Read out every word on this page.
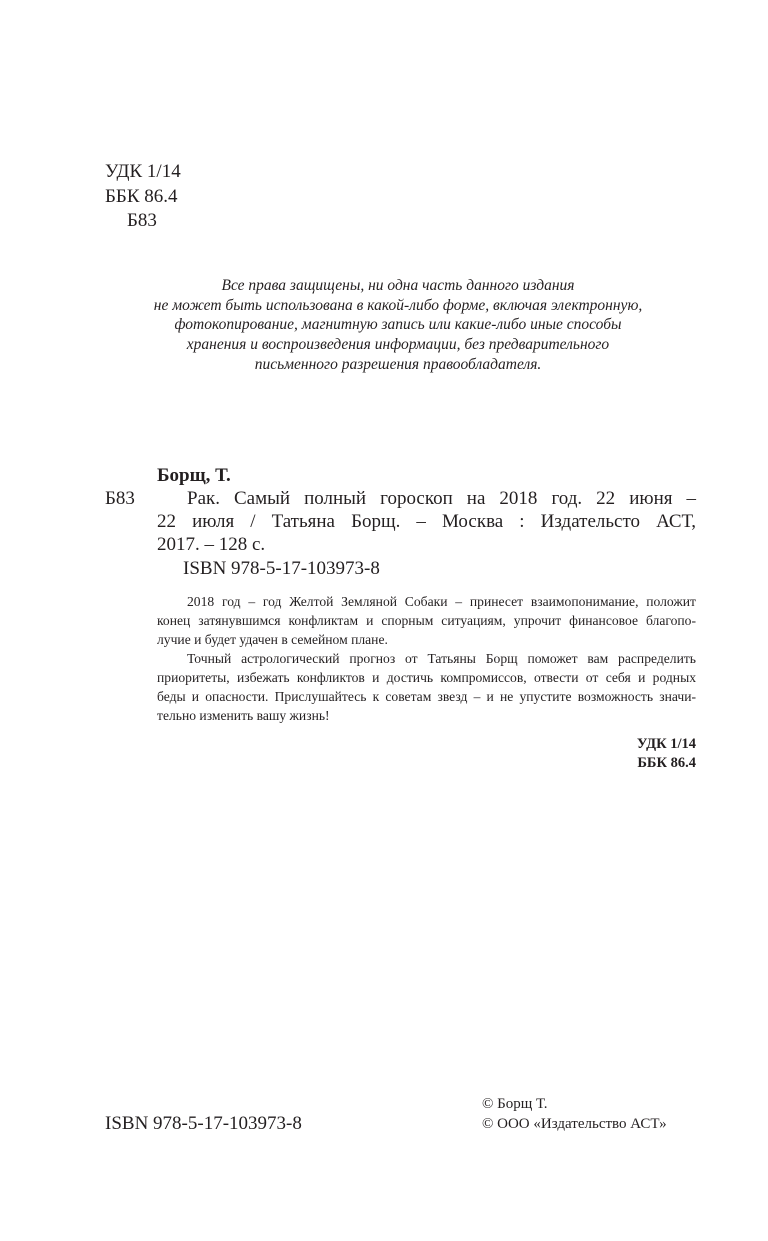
УДК 1/14
ББК 86.4
Б83
Все права защищены, ни одна часть данного издания
не может быть использована в какой-либо форме, включая электронную,
фотокопирование, магнитную запись или какие-либо иные способы
хранения и воспроизведения информации, без предварительного
письменного разрешения правообладателя.
Борщ, Т.
Б83	Рак. Самый полный гороскоп на 2018 год. 22 июня –
22 июля / Татьяна Борщ. – Москва : Издательсто АСТ,
2017. – 128 с.
ISBN 978-5-17-103973-8
2018 год – год Желтой Земляной Собаки – принесет взаимопонимание, положит
конец затянувшимся конфликтам и спорным ситуациям, упрочит финансовое благопо-
лучие и будет удачен в семейном плане.
Точный астрологический прогноз от Татьяны Борщ поможет вам распределить
приоритеты, избежать конфликтов и достичь компромиссов, отвести от себя и родных
беды и опасности. Прислушайтесь к советам звезд – и не упустите возможность значи-
тельно изменить вашу жизнь!
УДК 1/14
ББК 86.4
ISBN 978-5-17-103973-8
© Борщ Т.
© ООО «Издательство АСТ»
